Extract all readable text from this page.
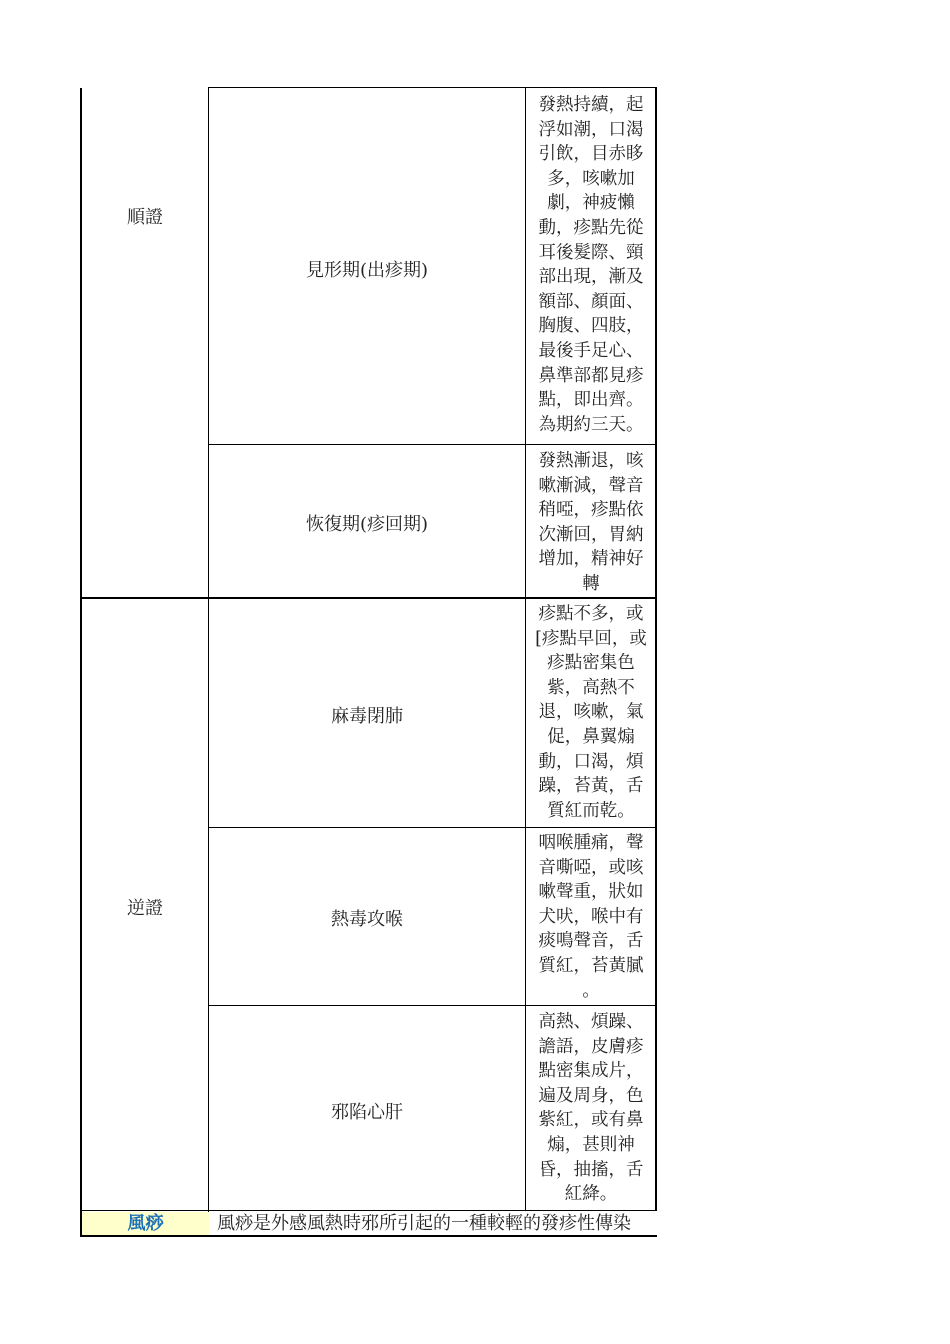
順證
逆證
見形期(出疹期)
恢復期(疹回期)
麻毒閉肺
熱毒攻喉
邪陷心肝
發熱持續，起
浮如潮，口渴
引飲，目赤眵
多，咳嗽加
劇，神疲懶
動，疹點先從
耳後髮際、頸
部出現，漸及
額部、顏面、
胸腹、四肢，
最後手足心、
鼻準部都見疹
點，即出齊。
為期約三天。
發熱漸退，咳
嗽漸減，聲音
稍啞，疹點依
次漸回，胃納
增加，精神好
轉
疹點不多，或
[疹點早回，或
疹點密集色
紫，高熱不
退，咳嗽，氣
促，鼻翼煽
動，口渴，煩
躁，苔黃，舌
質紅而乾。
咽喉腫痛，聲
音嘶啞，或咳
嗽聲重，狀如
犬吠，喉中有
痰鳴聲音，舌
質紅，苔黃膩
。
高熱、煩躁、
譫語，皮膚疹
點密集成片，
遍及周身，色
紫紅，或有鼻
煽，甚則神
昏，抽搐，舌
紅絳。
風痧	風痧是外感風熱時邪所引起的一種較輕的發疹性傳染
